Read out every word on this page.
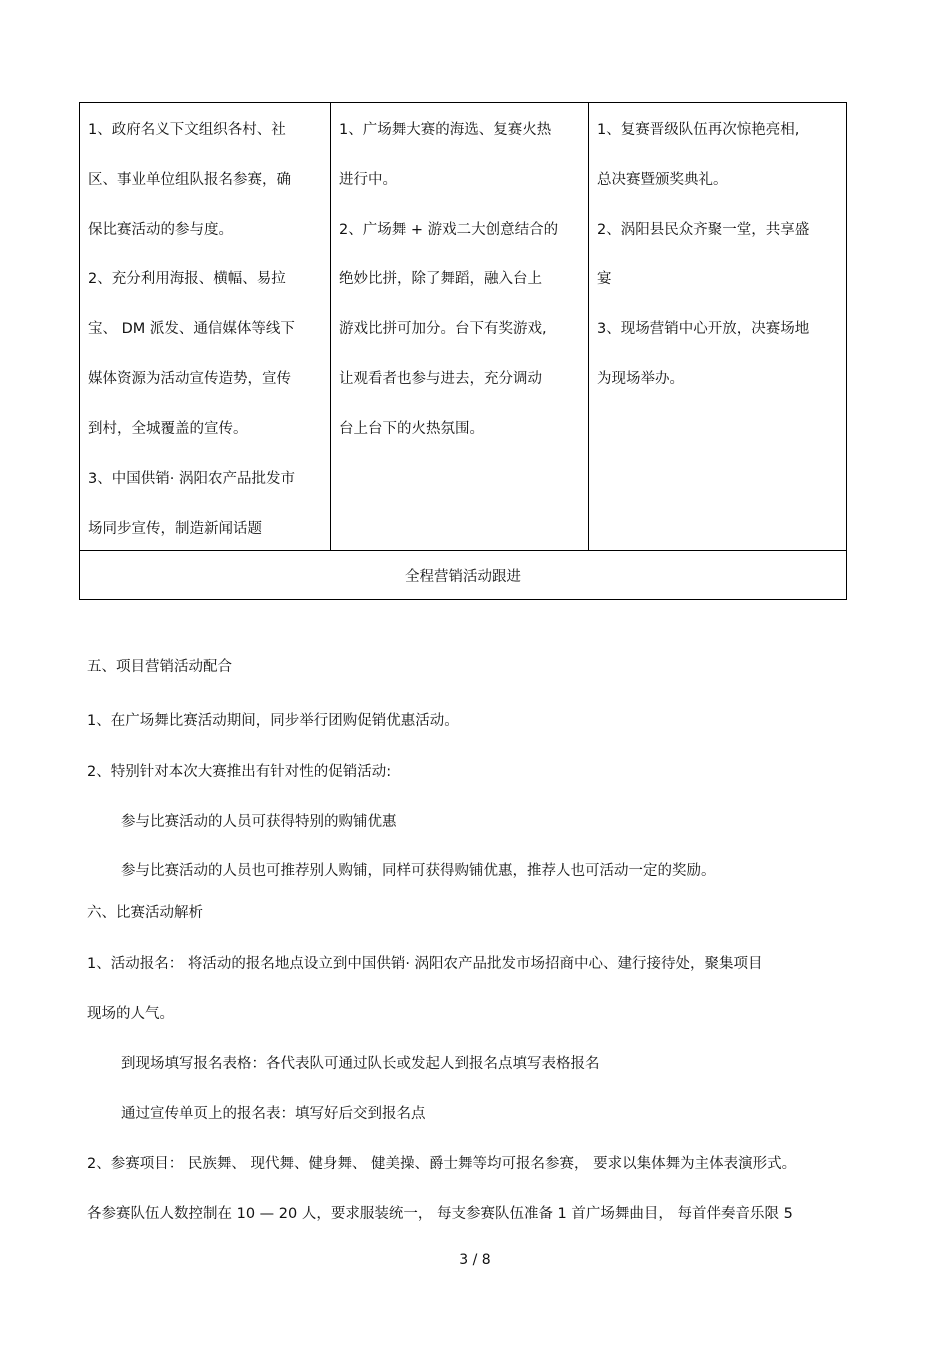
1、政府名义下文组织各村、社
区、事业单位组队报名参赛，确
保比赛活动的参与度。
2、充分利用海报、横幅、易拉
宝、 DM 派发、通信媒体等线下
媒体资源为活动宣传造势，宣传
到村，全城覆盖的宣传。
3、中国供销· 涡阳农产品批发市
场同步宣传，制造新闻话题
1、广场舞大赛的海选、复赛火热
进行中。
2、广场舞 + 游戏二大创意结合的
绝妙比拼，除了舞蹈，融入台上
游戏比拼可加分。台下有奖游戏,
让观看者也参与进去，充分调动
台上台下的火热氛围。
1、复赛晋级队伍再次惊艳亮相,
总决赛暨颁奖典礼。
2、涡阳县民众齐聚一堂，共享盛
宴
3、现场营销中心开放，决赛场地
为现场举办。
全程营销活动跟进
五、项目营销活动配合
1、在广场舞比赛活动期间，同步举行团购促销优惠活动。
2、特别针对本次大赛推出有针对性的促销活动:
参与比赛活动的人员可获得特别的购铺优惠
参与比赛活动的人员也可推荐别人购铺，同样可获得购铺优惠，推荐人也可活动一定的奖励。
六、比赛活动解析
1、活动报名： 将活动的报名地点设立到中国供销· 涡阳农产品批发市场招商中心、建行接待处，聚集项目
现场的人气。
到现场填写报名表格：各代表队可通过队长或发起人到报名点填写表格报名
通过宣传单页上的报名表：填写好后交到报名点
2、参赛项目： 民族舞、 现代舞、健身舞、 健美操、爵士舞等均可报名参赛， 要求以集体舞为主体表演形式。
各参赛队伍人数控制在 10 — 20 人，要求服装统一， 每支参赛队伍准备 1 首广场舞曲目， 每首伴奏音乐限 5
3 / 8
